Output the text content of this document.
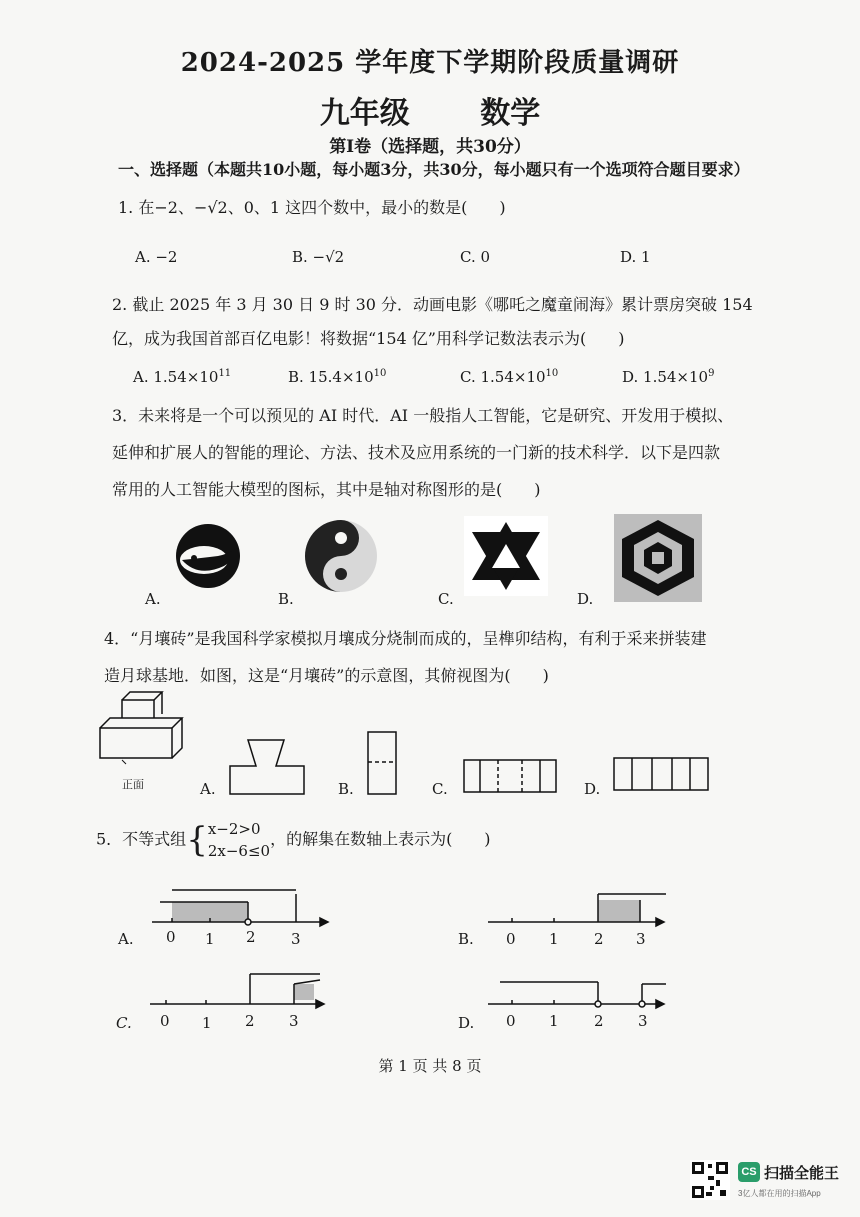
2024-2025 学年度下学期阶段质量调研
九年级 数学
第Ⅰ卷（选择题，共30分）
一、选择题（本题共10小题，每小题3分，共30分，每小题只有一个选项符合题目要求）
1. 在−2、−√2、0、1 这四个数中，最小的数是(　　)
A. −2	B. −√2	C. 0	D. 1
2. 截止 2025 年 3 月 30 日 9 时 30 分．动画电影《哪吒之魔童闹海》累计票房突破 154
亿，成为我国首部百亿电影！将数据“154 亿”用科学记数法表示为(　　)
A. $1.54\times 10^{11}$	B. $15.4\times 10^{10}$	C. $1.54\times 10^{10}$	D. $1.54\times 10^9$
3．未来将是一个可以预见的 AI 时代．AI 一般指人工智能，它是研究、开发用于模拟、
延伸和扩展人的智能的理论、方法、技术及应用系统的一门新的技术科学．以下是四款
常用的人工智能大模型的图标，其中是轴对称图形的是(　　)
A.	B.	C.	D.
4．“月壤砖”是我国科学家模拟月壤成分烧制而成的，呈榫卯结构，有利于采来拼装建
造月球基地．如图，这是“月壤砖”的示意图，其俯视图为(　　)
正面	A.	B.	C.	D.
5．不等式组{x−2>0
2x−6≤0，的解集在数轴上表示为(　　)
A. 0 1 2 3	B. 0 1 2 3
C. 0 1 2 3	D. 0 1 2 3
第 1 页 共 8 页
CS 扫描全能王
3亿人都在用的扫描App
